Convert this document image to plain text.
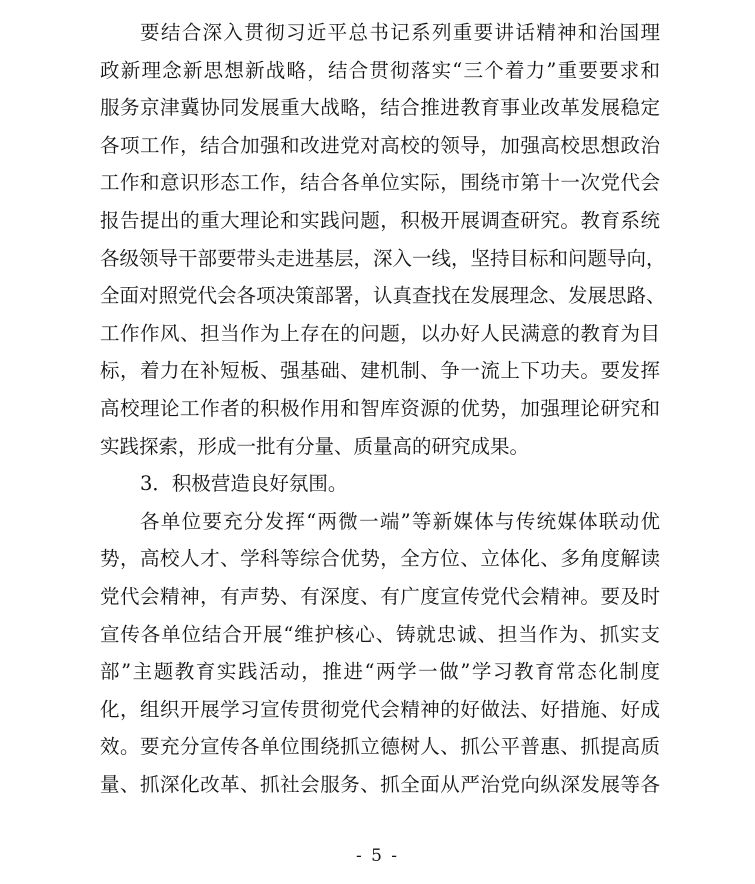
要结合深入贯彻习近平总书记系列重要讲话精神和治国理
政新理念新思想新战略，结合贯彻落实“三个着力”重要要求和
服务京津冀协同发展重大战略，结合推进教育事业改革发展稳定
各项工作，结合加强和改进党对高校的领导，加强高校思想政治
工作和意识形态工作，结合各单位实际，围绕市第十一次党代会
报告提出的重大理论和实践问题，积极开展调查研究。教育系统
各级领导干部要带头走进基层，深入一线，坚持目标和问题导向，
全面对照党代会各项决策部署，认真查找在发展理念、发展思路、
工作作风、担当作为上存在的问题，以办好人民满意的教育为目
标，着力在补短板、强基础、建机制、争一流上下功夫。要发挥
高校理论工作者的积极作用和智库资源的优势，加强理论研究和
实践探索，形成一批有分量、质量高的研究成果。
3．积极营造良好氛围。
各单位要充分发挥“两微一端”等新媒体与传统媒体联动优
势，高校人才、学科等综合优势，全方位、立体化、多角度解读
党代会精神，有声势、有深度、有广度宣传党代会精神。要及时
宣传各单位结合开展“维护核心、铸就忠诚、担当作为、抓实支
部”主题教育实践活动，推进“两学一做”学习教育常态化制度
化，组织开展学习宣传贯彻党代会精神的好做法、好措施、好成
效。要充分宣传各单位围绕抓立德树人、抓公平普惠、抓提高质
量、抓深化改革、抓社会服务、抓全面从严治党向纵深发展等各
- 5 -
